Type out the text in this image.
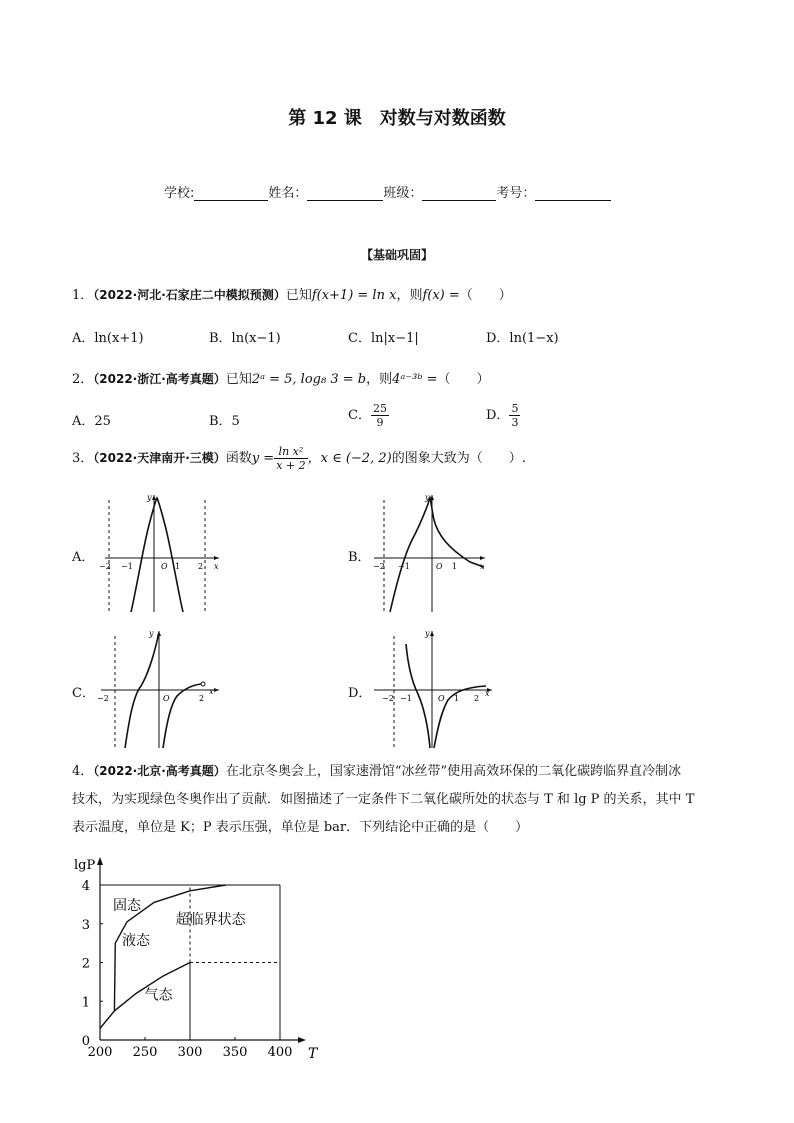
第 12 课　对数与对数函数
学校:	姓名：	班级：	考号：
【基础巩固】
1．（2022·河北·石家庄二中模拟预测）已知f(x+1) = ln x，则f(x) =（　　）
A．ln(x+1)	B．ln(x−1)	C．ln|x−1|	D．ln(1−x)
2．（2022·浙江·高考真题）已知2ᵃ = 5, log₈ 3 = b，则4ᵃ⁻³ᵇ =（　　）
A．25	B．5	C． $\frac{25}{9}$	D． $\frac{5}{3}$
3．（2022·天津南开·三模）函数$y = \frac{\text{ln x²}}{x + 2}$ ，x ∈ (−2, 2)的图象大致为（　　）.
A．
y
x
O
−2 −1	1 2
B．
y
x
O
−2 −1	1
C．
y
x
O
−2	2	D．
y
x
O
−2 −1	1 2
4．（2022·北京·高考真题）在北京冬奥会上，国家速滑馆“冰丝带”使用高效环保的二氧化碳跨临界直冷制冰
技术，为实现绿色冬奥作出了贡献．如图描述了一定条件下二氧化碳所处的状态与 T 和 lg P 的关系，其中 T
表示温度，单位是 K；P 表示压强，单位是 bar．下列结论中正确的是（　　）
200 250 300 350 400
0
1
2
3
4
lgP
T
固态
液态
超临界状态
气态
